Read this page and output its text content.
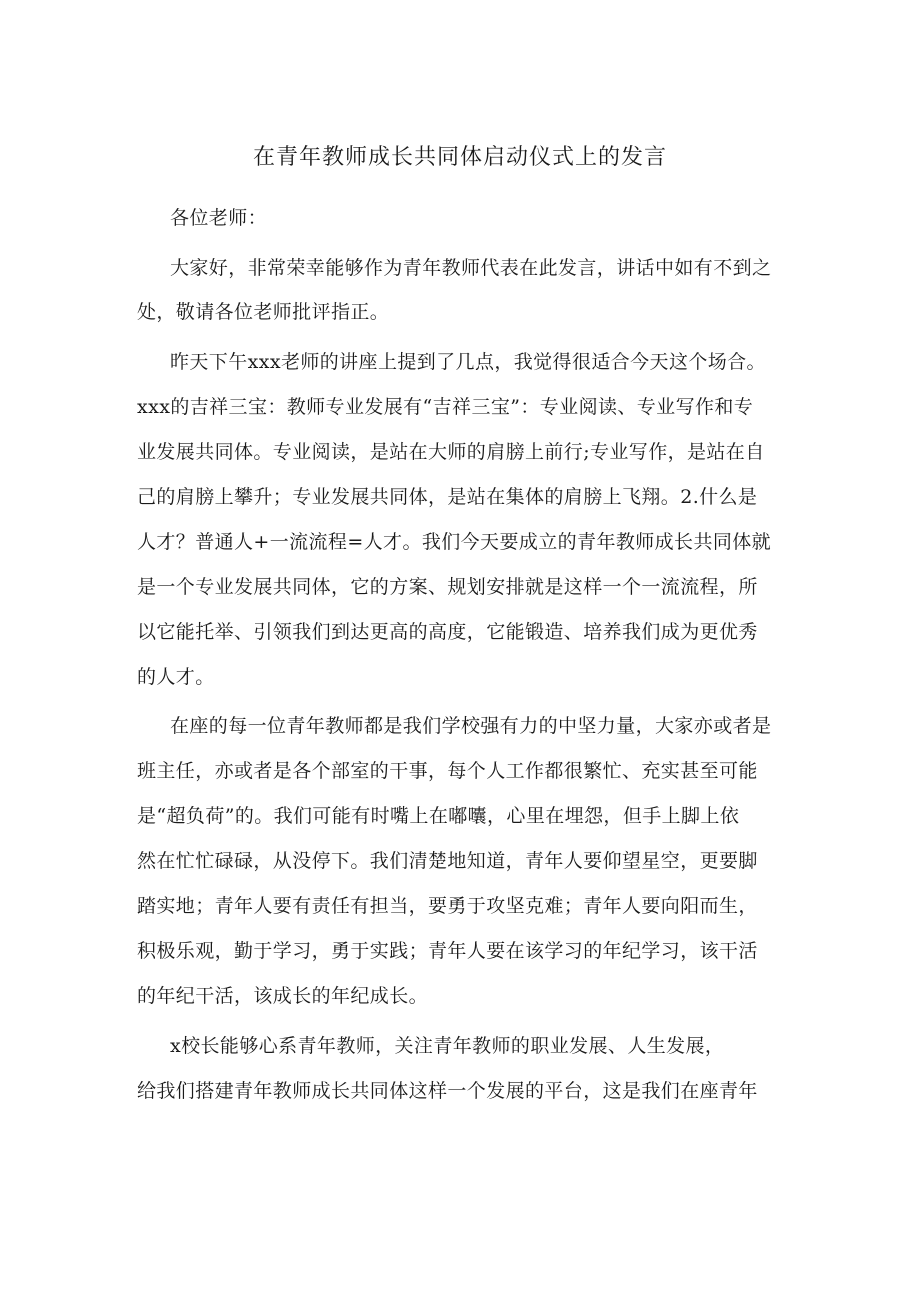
在青年教师成长共同体启动仪式上的发言
各位老师：
大家好，非常荣幸能够作为青年教师代表在此发言，讲话中如有不到之
处，敬请各位老师批评指正。
昨天下午xxx老师的讲座上提到了几点，我觉得很适合今天这个场合。
xxx的吉祥三宝：教师专业发展有“吉祥三宝”：专业阅读、专业写作和专
业发展共同体。专业阅读，是站在大师的肩膀上前行;专业写作，是站在自
己的肩膀上攀升；专业发展共同体，是站在集体的肩膀上飞翔。2.什么是
人才？普通人+一流流程=人才。我们今天要成立的青年教师成长共同体就
是一个专业发展共同体，它的方案、规划安排就是这样一个一流流程，所
以它能托举、引领我们到达更高的高度，它能锻造、培养我们成为更优秀
的人才。
在座的每一位青年教师都是我们学校强有力的中坚力量，大家亦或者是
班主任，亦或者是各个部室的干事，每个人工作都很繁忙、充实甚至可能
是“超负荷”的。我们可能有时嘴上在嘟囔，心里在埋怨，但手上脚上依
然在忙忙碌碌，从没停下。我们清楚地知道，青年人要仰望星空，更要脚
踏实地；青年人要有责任有担当，要勇于攻坚克难；青年人要向阳而生，
积极乐观，勤于学习，勇于实践；青年人要在该学习的年纪学习，该干活
的年纪干活，该成长的年纪成长。
x校长能够心系青年教师，关注青年教师的职业发展、人生发展，
给我们搭建青年教师成长共同体这样一个发展的平台，这是我们在座青年
